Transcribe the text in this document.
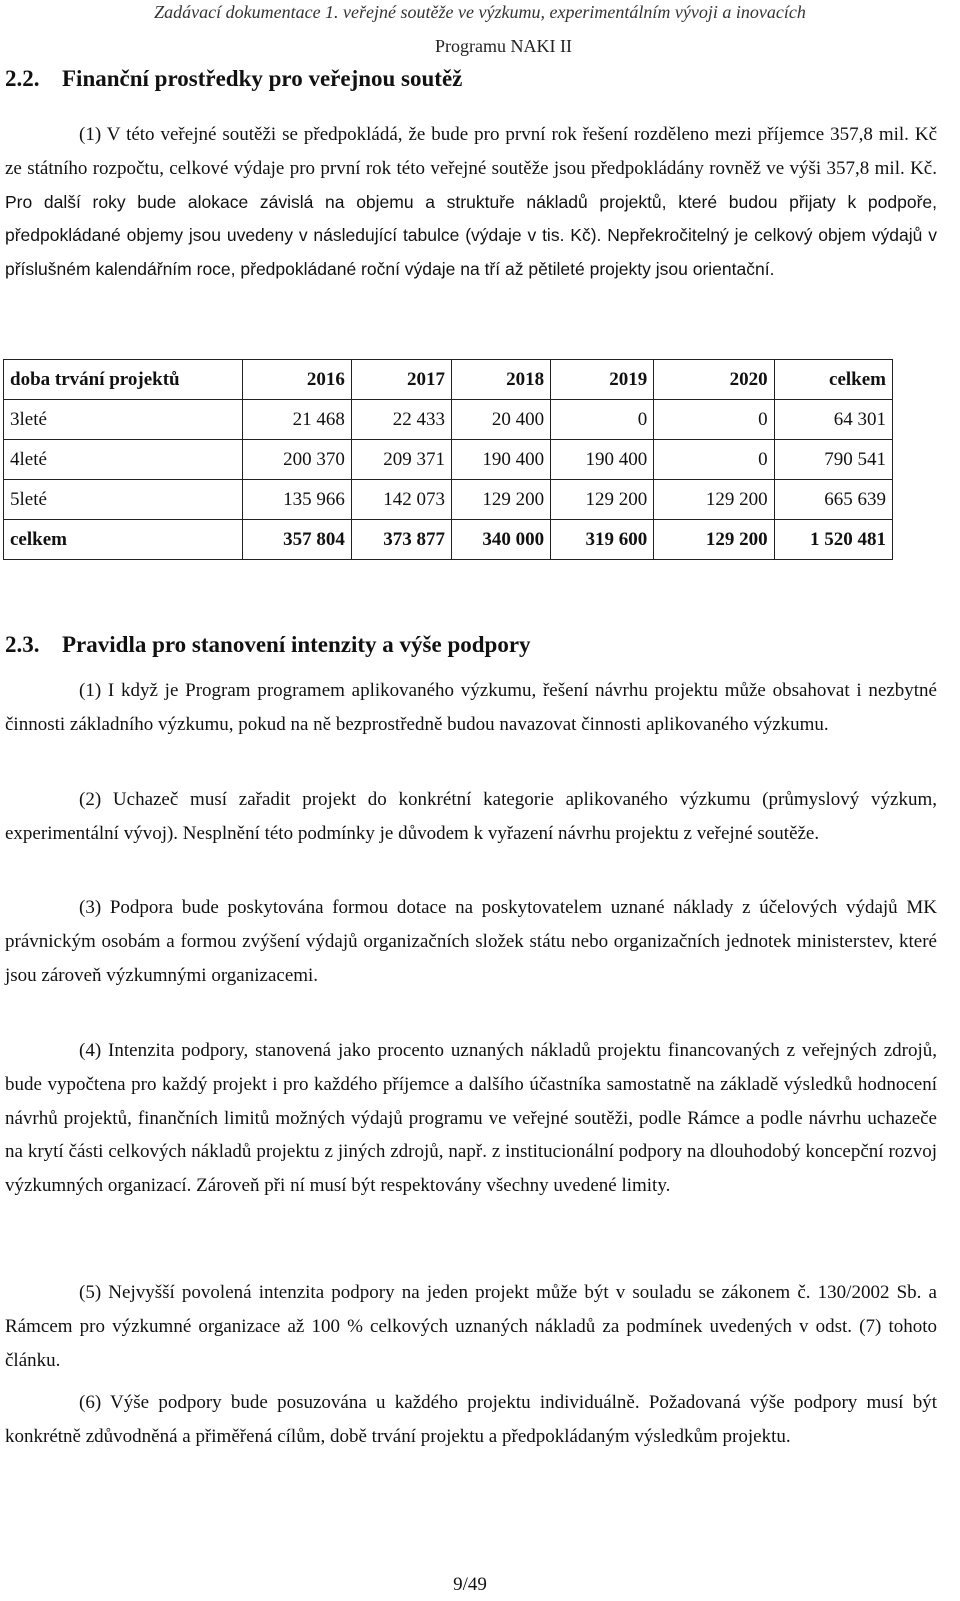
Zadávací dokumentace 1. veřejné soutěže ve výzkumu, experimentálním vývoji a inovacích
Programu NAKI II
2.2. Finanční prostředky pro veřejnou soutěž
(1) V této veřejné soutěži se předpokládá, že bude pro první rok řešení rozděleno mezi příjemce 357,8 mil. Kč ze státního rozpočtu, celkové výdaje pro první rok této veřejné soutěže jsou předpokládány rovněž ve výši 357,8 mil. Kč. Pro další roky bude alokace závislá na objemu a struktuře nákladů projektů, které budou přijaty k podpoře, předpokládané objemy jsou uvedeny v následující tabulce (výdaje v tis. Kč). Nepřekročitelný je celkový objem výdajů v příslušném kalendářním roce, předpokládané roční výdaje na tří až pětileté projekty jsou orientační.
doba trvání projektů	2016	2017	2018	2019	2020	celkem
3leté	21 468	22 433	20 400	0	0	64 301
4leté	200 370	209 371	190 400	190 400	0	790 541
5leté	135 966	142 073	129 200	129 200	129 200	665 639
celkem	357 804	373 877	340 000	319 600	129 200	1 520 481
2.3. Pravidla pro stanovení intenzity a výše podpory
(1) I když je Program programem aplikovaného výzkumu, řešení návrhu projektu může obsahovat i nezbytné činnosti základního výzkumu, pokud na ně bezprostředně budou navazovat činnosti aplikovaného výzkumu.
(2) Uchazeč musí zařadit projekt do konkrétní kategorie aplikovaného výzkumu (průmyslový výzkum, experimentální vývoj). Nesplnění této podmínky je důvodem k vyřazení návrhu projektu z veřejné soutěže.
(3) Podpora bude poskytována formou dotace na poskytovatelem uznané náklady z účelových výdajů MK právnickým osobám a formou zvýšení výdajů organizačních složek státu nebo organizačních jednotek ministerstev, které jsou zároveň výzkumnými organizacemi.
(4) Intenzita podpory, stanovená jako procento uznaných nákladů projektu financovaných z veřejných zdrojů, bude vypočtena pro každý projekt i pro každého příjemce a dalšího účastníka samostatně na základě výsledků hodnocení návrhů projektů, finančních limitů možných výdajů programu ve veřejné soutěži, podle Rámce a podle návrhu uchazeče na krytí části celkových nákladů projektu z jiných zdrojů, např. z institucionální podpory na dlouhodobý koncepční rozvoj výzkumných organizací. Zároveň při ní musí být respektovány všechny uvedené limity.
(5) Nejvyšší povolená intenzita podpory na jeden projekt může být v souladu se zákonem č. 130/2002 Sb. a Rámcem pro výzkumné organizace až 100 % celkových uznaných nákladů za podmínek uvedených v odst. (7) tohoto článku.
(6) Výše podpory bude posuzována u každého projektu individuálně. Požadovaná výše podpory musí být konkrétně zdůvodněná a přiměřená cílům, době trvání projektu a předpokládaným výsledkům projektu.
9/49
